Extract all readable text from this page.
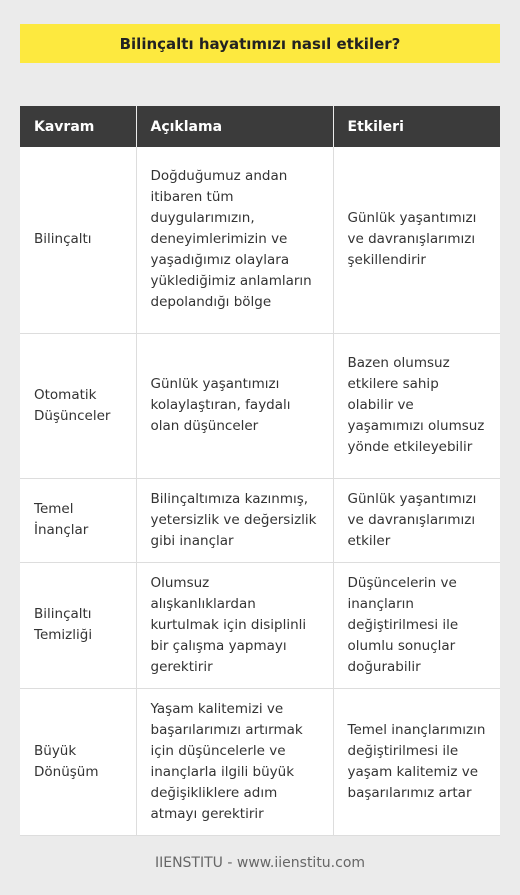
Bilinçaltı hayatımızı nasıl etkiler?
Kavram	Açıklama	Etkileri
Bilinçaltı	Doğduğumuz andan itibaren tüm duygularımızın, deneyimlerimizin ve yaşadığımız olaylara yüklediğimiz anlamların depolandığı bölge	Günlük yaşantımızı ve davranışlarımızı şekillendirir
Otomatik Düşünceler	Günlük yaşantımızı kolaylaştıran, faydalı olan düşünceler	Bazen olumsuz etkilere sahip olabilir ve yaşamımızı olumsuz yönde etkileyebilir
Temel İnançlar	Bilinçaltımıza kazınmış, yetersizlik ve değersizlik gibi inançlar	Günlük yaşantımızı ve davranışlarımızı etkiler
Bilinçaltı Temizliği	Olumsuz alışkanlıklardan kurtulmak için disiplinli bir çalışma yapmayı gerektirir	Düşüncelerin ve inançların değiştirilmesi ile olumlu sonuçlar doğurabilir
Büyük Dönüşüm	Yaşam kalitemizi ve başarılarımızı artırmak için düşüncelerle ve inançlarla ilgili büyük değişikliklere adım atmayı gerektirir	Temel inançlarımızın değiştirilmesi ile yaşam kalitemiz ve başarılarımız artar
IIENSTITU - www.iienstitu.com
